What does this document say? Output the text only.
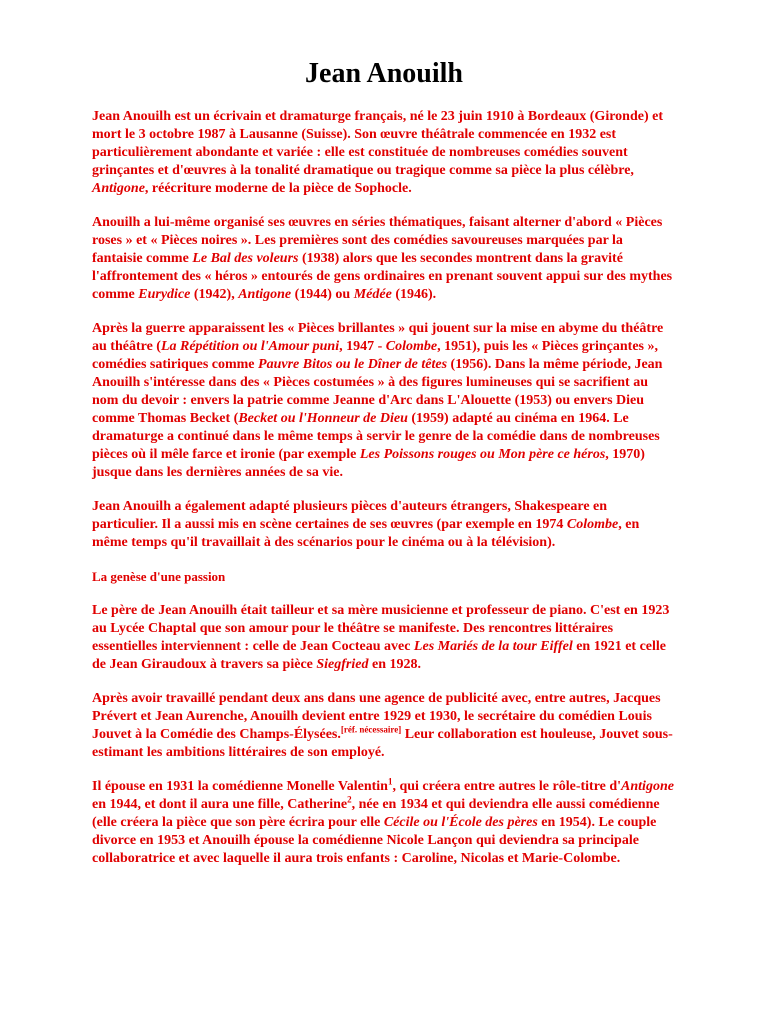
Jean Anouilh

Jean Anouilh est un écrivain et dramaturge français, né le 23 juin 1910 à Bordeaux (Gironde) et mort le 3 octobre 1987 à Lausanne (Suisse). Son œuvre théâtrale commencée en 1932 est particulièrement abondante et variée : elle est constituée de nombreuses comédies souvent grinçantes et d'œuvres à la tonalité dramatique ou tragique comme sa pièce la plus célèbre, Antigone, réécriture moderne de la pièce de Sophocle.

Anouilh a lui-même organisé ses œuvres en séries thématiques, faisant alterner d'abord « Pièces roses » et « Pièces noires ». Les premières sont des comédies savoureuses marquées par la fantaisie comme Le Bal des voleurs (1938) alors que les secondes montrent dans la gravité l'affrontement des « héros » entourés de gens ordinaires en prenant souvent appui sur des mythes comme Eurydice (1942), Antigone (1944) ou Médée (1946).

Après la guerre apparaissent les « Pièces brillantes » qui jouent sur la mise en abyme du théâtre au théâtre (La Répétition ou l'Amour puni, 1947 - Colombe, 1951), puis les « Pièces grinçantes », comédies satiriques comme Pauvre Bitos ou le Dîner de têtes (1956). Dans la même période, Jean Anouilh s'intéresse dans des « Pièces costumées » à des figures lumineuses qui se sacrifient au nom du devoir : envers la patrie comme Jeanne d'Arc dans L'Alouette (1953) ou envers Dieu comme Thomas Becket (Becket ou l'Honneur de Dieu (1959) adapté au cinéma en 1964. Le dramaturge a continué dans le même temps à servir le genre de la comédie dans de nombreuses pièces où il mêle farce et ironie (par exemple Les Poissons rouges ou Mon père ce héros, 1970) jusque dans les dernières années de sa vie.

Jean Anouilh a également adapté plusieurs pièces d'auteurs étrangers, Shakespeare en particulier. Il a aussi mis en scène certaines de ses œuvres (par exemple en 1974 Colombe, en même temps qu'il travaillait à des scénarios pour le cinéma ou à la télévision).

La genèse d'une passion

Le père de Jean Anouilh était tailleur et sa mère musicienne et professeur de piano. C'est en 1923 au Lycée Chaptal que son amour pour le théâtre se manifeste. Des rencontres littéraires essentielles interviennent : celle de Jean Cocteau avec Les Mariés de la tour Eiffel en 1921 et celle de Jean Giraudoux à travers sa pièce Siegfried en 1928.

Après avoir travaillé pendant deux ans dans une agence de publicité avec, entre autres, Jacques Prévert et Jean Aurenche, Anouilh devient entre 1929 et 1930, le secrétaire du comédien Louis Jouvet à la Comédie des Champs-Élysées.[réf. nécessaire] Leur collaboration est houleuse, Jouvet sous-estimant les ambitions littéraires de son employé.

Il épouse en 1931 la comédienne Monelle Valentin$^1$, qui créera entre autres le rôle-titre d'Antigone en 1944, et dont il aura une fille, Catherine$^2$, née en 1934 et qui deviendra elle aussi comédienne (elle créera la pièce que son père écrira pour elle Cécile ou l'École des pères en 1954). Le couple divorce en 1953 et Anouilh épouse la comédienne Nicole Lançon qui deviendra sa principale collaboratrice et avec laquelle il aura trois enfants : Caroline, Nicolas et Marie-Colombe.
